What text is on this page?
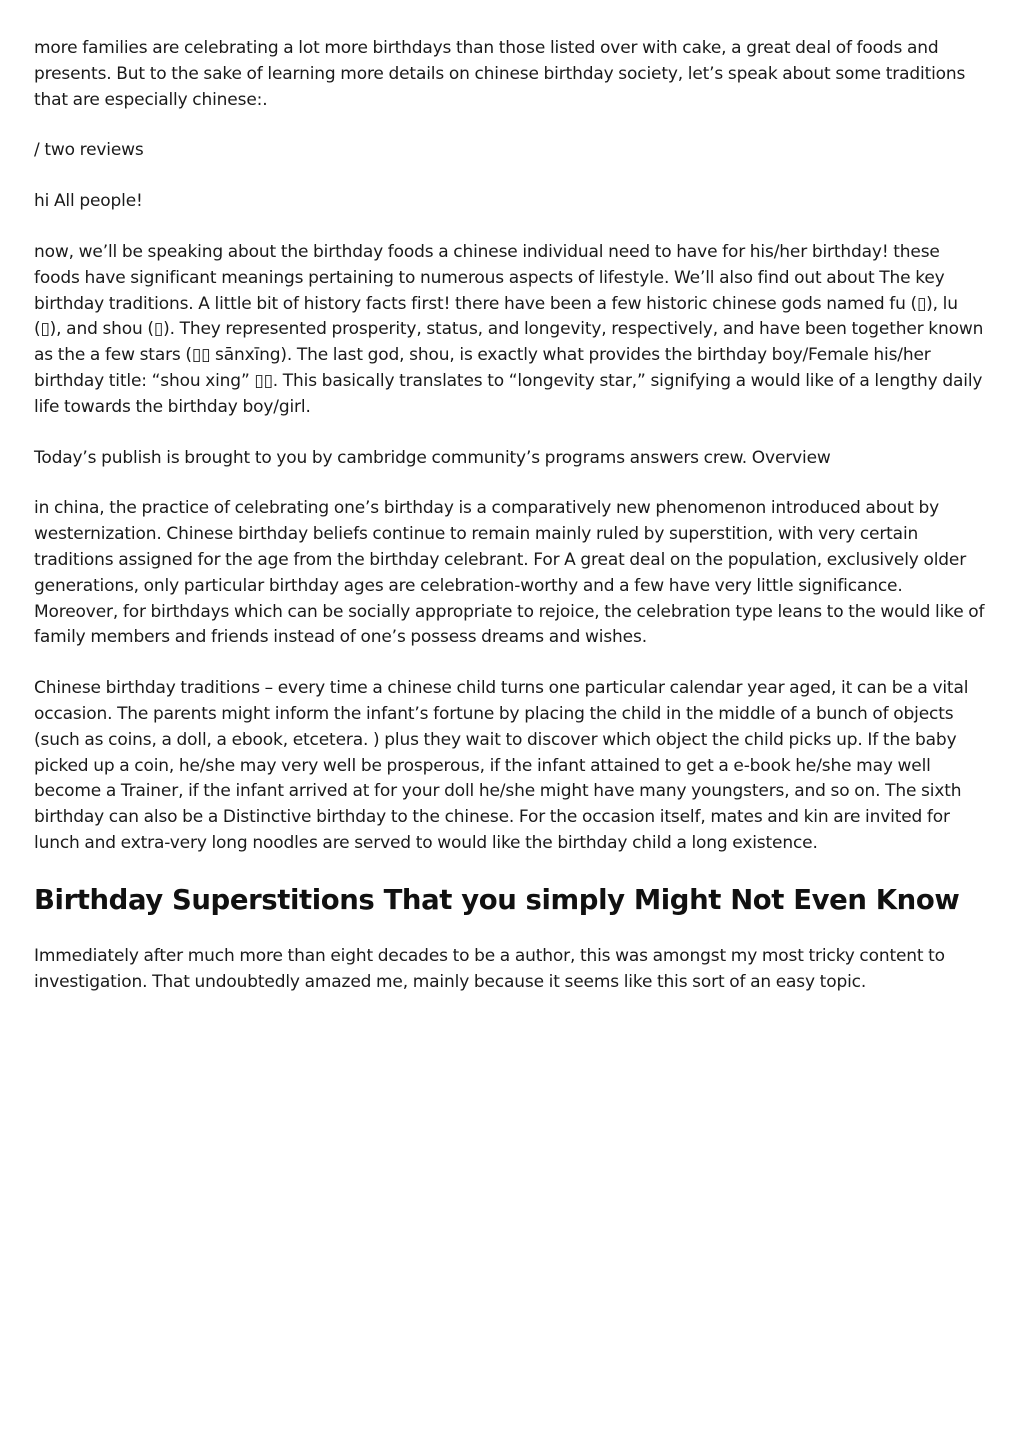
more families are celebrating a lot more birthdays than those listed over with cake, a great deal of foods and presents. But to the sake of learning more details on chinese birthday society, let’s speak about some traditions that are especially chinese:.

/ two reviews

hi All people!

now, we’ll be speaking about the birthday foods a chinese individual need to have for his/her birthday! these foods have significant meanings pertaining to numerous aspects of lifestyle. We’ll also find out about The key birthday traditions. A little bit of history facts first! there have been a few historic chinese gods named fu (▯), lu (▯), and shou (▯). They represented prosperity, status, and longevity, respectively, and have been together known as the a few stars (▯▯ sānxīng). The last god, shou, is exactly what provides the birthday boy/Female his/her birthday title: “shou xing” ▯▯. This basically translates to “longevity star,” signifying a would like of a lengthy daily life towards the birthday boy/girl.

Today’s publish is brought to you by cambridge community’s programs answers crew. Overview

in china, the practice of celebrating one’s birthday is a comparatively new phenomenon introduced about by westernization. Chinese birthday beliefs continue to remain mainly ruled by superstition, with very certain traditions assigned for the age from the birthday celebrant. For A great deal on the population, exclusively older generations, only particular birthday ages are celebration-worthy and a few have very little significance. Moreover, for birthdays which can be socially appropriate to rejoice, the celebration type leans to the would like of family members and friends instead of one’s possess dreams and wishes.

Chinese birthday traditions – every time a chinese child turns one particular calendar year aged, it can be a vital occasion. The parents might inform the infant’s fortune by placing the child in the middle of a bunch of objects (such as coins, a doll, a ebook, etcetera. ) plus they wait to discover which object the child picks up. If the baby picked up a coin, he/she may very well be prosperous, if the infant attained to get a e-book he/she may well become a Trainer, if the infant arrived at for your doll he/she might have many youngsters, and so on. The sixth birthday can also be a Distinctive birthday to the chinese. For the occasion itself, mates and kin are invited for lunch and extra-very long noodles are served to would like the birthday child a long existence.

Birthday Superstitions That you simply Might Not Even Know

Immediately after much more than eight decades to be a author, this was amongst my most tricky content to investigation. That undoubtedly amazed me, mainly because it seems like this sort of an easy topic.
